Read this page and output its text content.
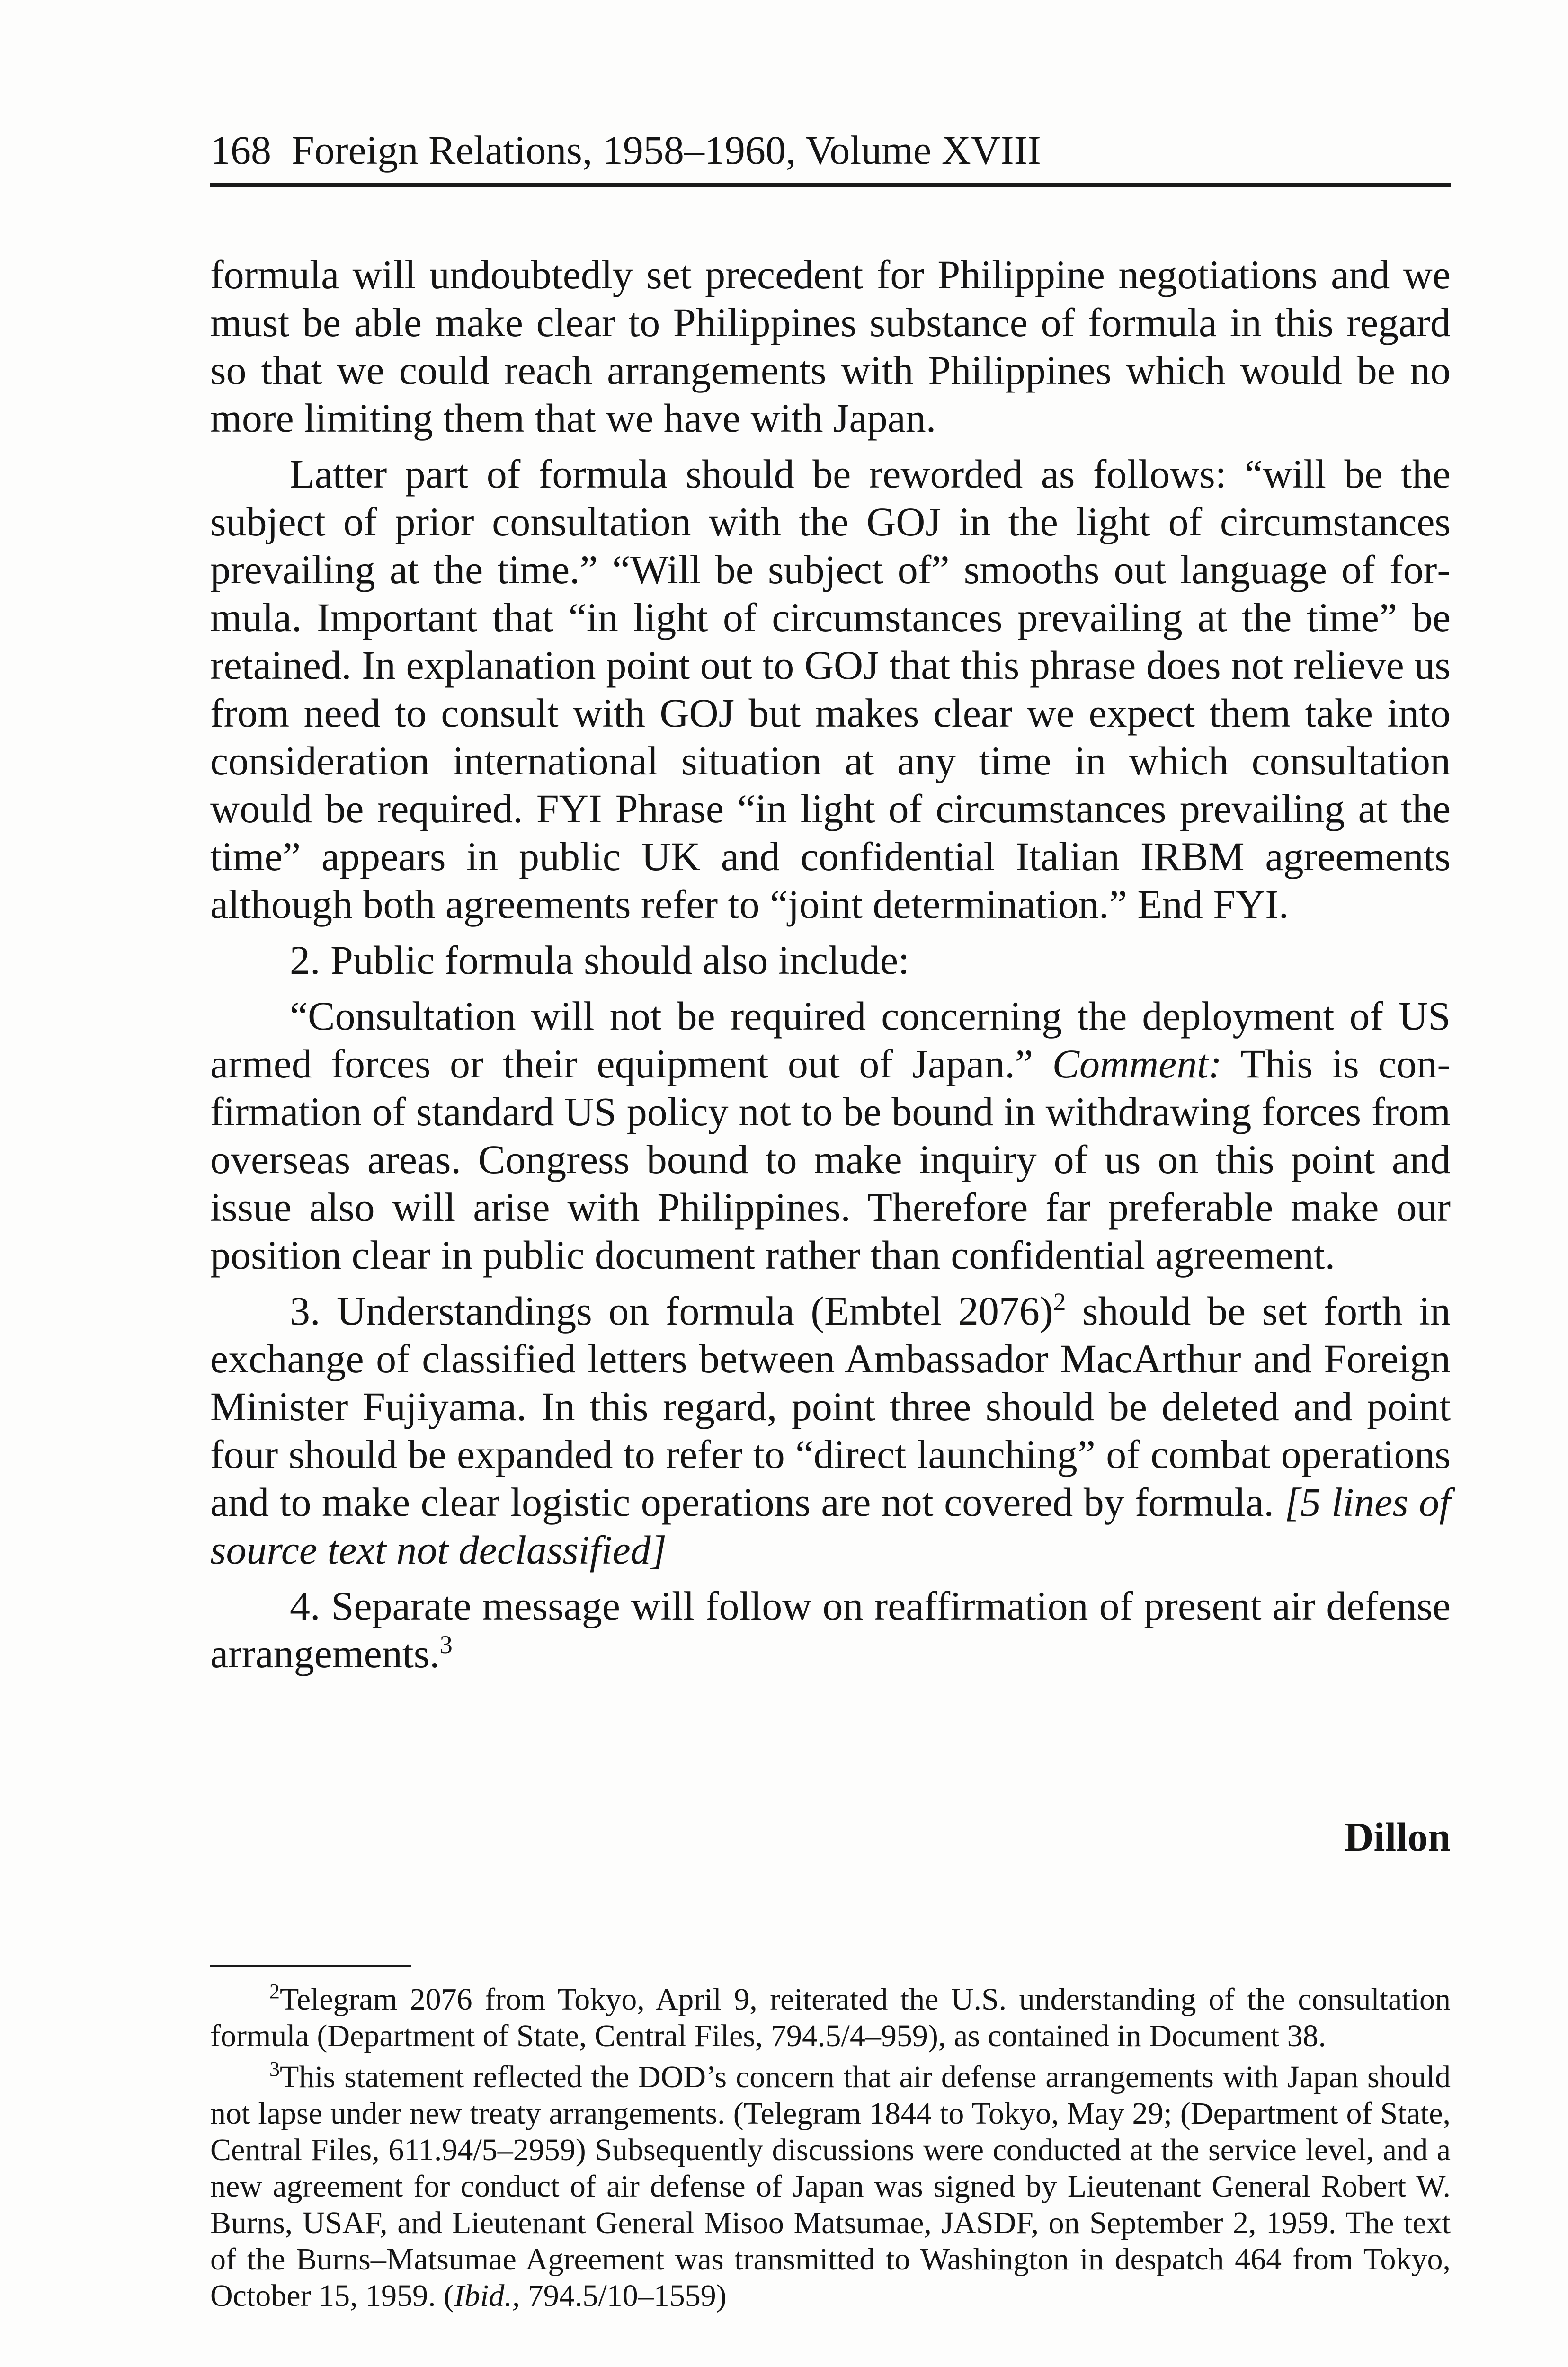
168 Foreign Relations, 1958–1960, Volume XVIII

formula will undoubtedly set precedent for Philippine negotiations and we must be able make clear to Philippines substance of formula in this regard so that we could reach arrangements with Philippines which would be no more limiting them that we have with Japan.

Latter part of formula should be reworded as follows: “will be the subject of prior consultation with the GOJ in the light of circumstances prevailing at the time.” “Will be subject of” smooths out language of formula. Important that “in light of circumstances prevailing at the time” be retained. In explanation point out to GOJ that this phrase does not relieve us from need to consult with GOJ but makes clear we expect them take into consideration international situation at any time in which consultation would be required. FYI Phrase “in light of circumstances prevailing at the time” appears in public UK and confidential Italian IRBM agreements although both agreements refer to “joint determination.” End FYI.

2. Public formula should also include:

“Consultation will not be required concerning the deployment of US armed forces or their equipment out of Japan.” Comment: This is confirmation of standard US policy not to be bound in withdrawing forces from overseas areas. Congress bound to make inquiry of us on this point and issue also will arise with Philippines. Therefore far preferable make our position clear in public document rather than confidential agreement.

3. Understandings on formula (Embtel 2076)$^2$ should be set forth in exchange of classified letters between Ambassador MacArthur and Foreign Minister Fujiyama. In this regard, point three should be deleted and point four should be expanded to refer to “direct launching” of combat operations and to make clear logistic operations are not covered by formula. [5 lines of source text not declassified]

4. Separate message will follow on reaffirmation of present air defense arrangements.$^3$

Dillon

$^2$Telegram 2076 from Tokyo, April 9, reiterated the U.S. understanding of the consultation formula (Department of State, Central Files, 794.5/4–959), as contained in Document 38.

$^3$This statement reflected the DOD’s concern that air defense arrangements with Japan should not lapse under new treaty arrangements. (Telegram 1844 to Tokyo, May 29; (Department of State, Central Files, 611.94/5–2959) Subsequently discussions were conducted at the service level, and a new agreement for conduct of air defense of Japan was signed by Lieutenant General Robert W. Burns, USAF, and Lieutenant General Misoo Matsumae, JASDF, on September 2, 1959. The text of the Burns–Matsumae Agreement was transmitted to Washington in despatch 464 from Tokyo, October 15, 1959. (Ibid., 794.5/10–1559)
